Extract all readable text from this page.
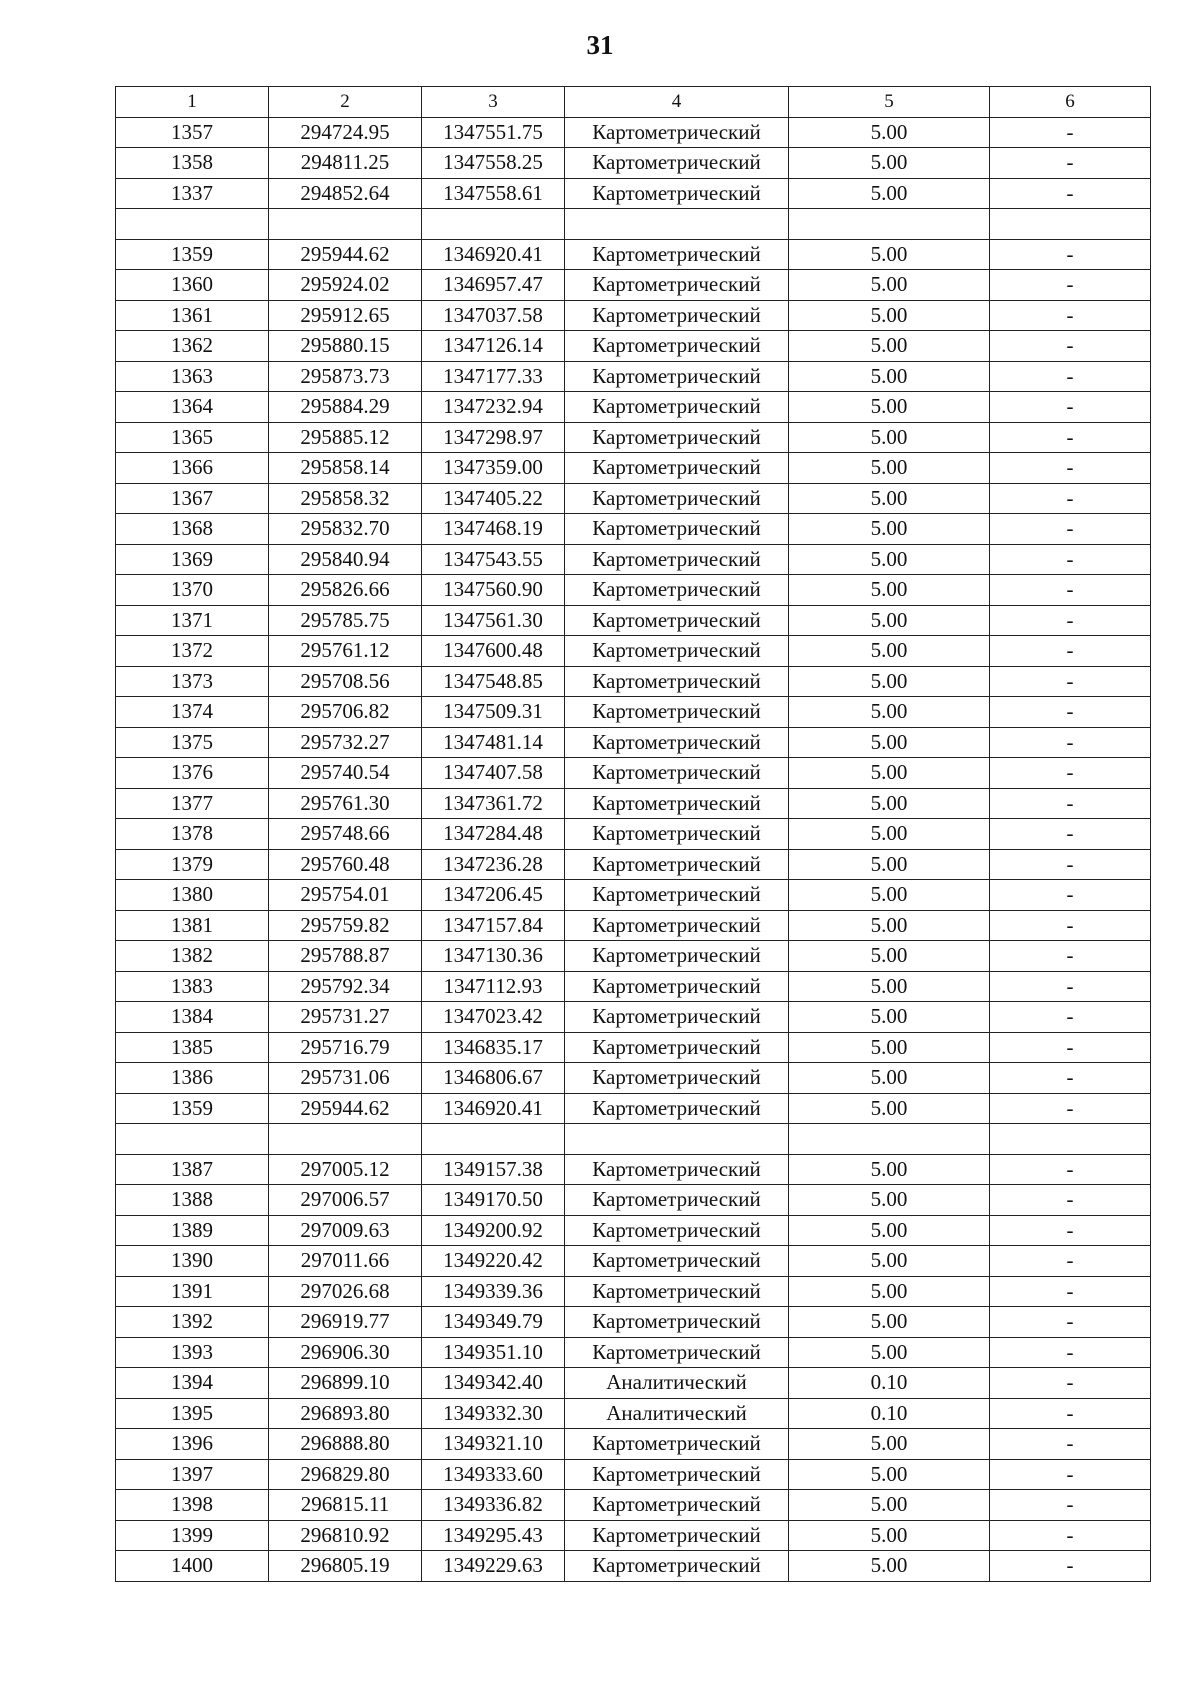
31
1	2	3	4	5	6
1357	294724.95	1347551.75	Картометрический	5.00	-
1358	294811.25	1347558.25	Картометрический	5.00	-
1337	294852.64	1347558.61	Картометрический	5.00	-

1359	295944.62	1346920.41	Картометрический	5.00	-
1360	295924.02	1346957.47	Картометрический	5.00	-
1361	295912.65	1347037.58	Картометрический	5.00	-
1362	295880.15	1347126.14	Картометрический	5.00	-
1363	295873.73	1347177.33	Картометрический	5.00	-
1364	295884.29	1347232.94	Картометрический	5.00	-
1365	295885.12	1347298.97	Картометрический	5.00	-
1366	295858.14	1347359.00	Картометрический	5.00	-
1367	295858.32	1347405.22	Картометрический	5.00	-
1368	295832.70	1347468.19	Картометрический	5.00	-
1369	295840.94	1347543.55	Картометрический	5.00	-
1370	295826.66	1347560.90	Картометрический	5.00	-
1371	295785.75	1347561.30	Картометрический	5.00	-
1372	295761.12	1347600.48	Картометрический	5.00	-
1373	295708.56	1347548.85	Картометрический	5.00	-
1374	295706.82	1347509.31	Картометрический	5.00	-
1375	295732.27	1347481.14	Картометрический	5.00	-
1376	295740.54	1347407.58	Картометрический	5.00	-
1377	295761.30	1347361.72	Картометрический	5.00	-
1378	295748.66	1347284.48	Картометрический	5.00	-
1379	295760.48	1347236.28	Картометрический	5.00	-
1380	295754.01	1347206.45	Картометрический	5.00	-
1381	295759.82	1347157.84	Картометрический	5.00	-
1382	295788.87	1347130.36	Картометрический	5.00	-
1383	295792.34	1347112.93	Картометрический	5.00	-
1384	295731.27	1347023.42	Картометрический	5.00	-
1385	295716.79	1346835.17	Картометрический	5.00	-
1386	295731.06	1346806.67	Картометрический	5.00	-
1359	295944.62	1346920.41	Картометрический	5.00	-

1387	297005.12	1349157.38	Картометрический	5.00	-
1388	297006.57	1349170.50	Картометрический	5.00	-
1389	297009.63	1349200.92	Картометрический	5.00	-
1390	297011.66	1349220.42	Картометрический	5.00	-
1391	297026.68	1349339.36	Картометрический	5.00	-
1392	296919.77	1349349.79	Картометрический	5.00	-
1393	296906.30	1349351.10	Картометрический	5.00	-
1394	296899.10	1349342.40	Аналитический	0.10	-
1395	296893.80	1349332.30	Аналитический	0.10	-
1396	296888.80	1349321.10	Картометрический	5.00	-
1397	296829.80	1349333.60	Картометрический	5.00	-
1398	296815.11	1349336.82	Картометрический	5.00	-
1399	296810.92	1349295.43	Картометрический	5.00	-
1400	296805.19	1349229.63	Картометрический	5.00	-
